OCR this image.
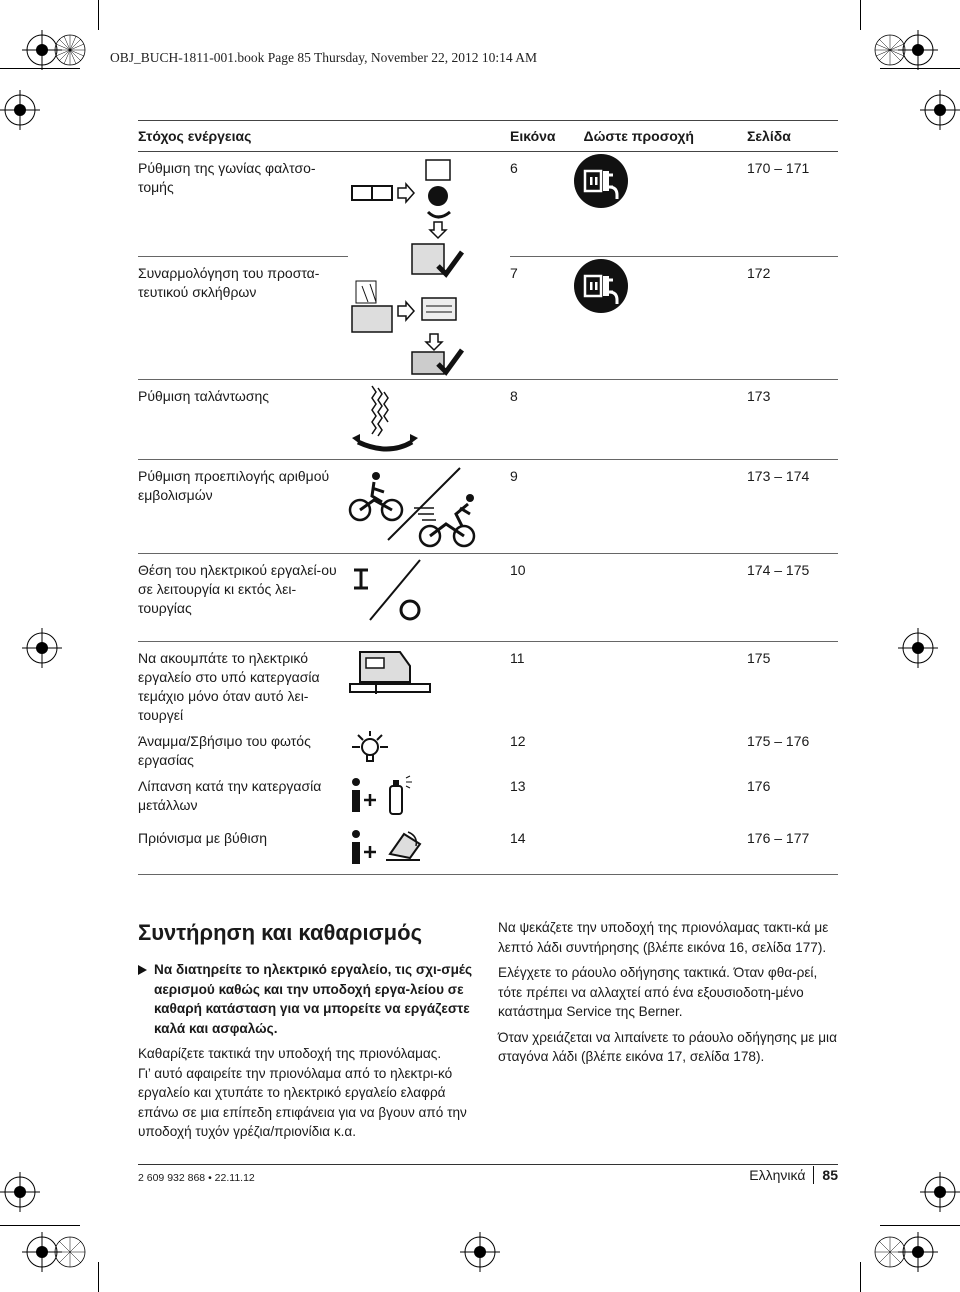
OBJ_BUCH-1811-001.book Page 85 Thursday, November 22, 2012 10:14 AM
Στόχος ενέργειας		Εικόνα Δώστε προσοχή	Σελίδα
Ρύθμιση της γωνίας φαλτσο-τομής		6	170 – 171
Συναρμολόγηση του προστα-τευτικού σκλήθρων		7	172
Ρύθμιση ταλάντωσης		8	173
Ρύθμιση προεπιλογής αριθμού εμβολισμών		9	173 – 174
Θέση του ηλεκτρικού εργαλεί-ου σε λειτουργία κι εκτός λει-τουργίας		10	174 – 175
Να ακουμπάτε το ηλεκτρικό εργαλείο στο υπό κατεργασία τεμάχιο μόνο όταν αυτό λει-τουργεί		11	175
Άναμμα/Σβήσιμο του φωτός εργασίας		12	175 – 176
Λίπανση κατά την κατεργασία μετάλλων		13	176
Πριόνισμα με βύθιση		14	176 – 177
Συντήρηση και καθαρισμός

Να διατηρείτε το ηλεκτρικό εργαλείο, τις σχι-σμές αερισμού καθώς και την υποδοχή εργα-λείου σε καθαρή κατάσταση για να μπορείτε να εργάζεστε καλά και ασφαλώς.

Καθαρίζετε τακτικά την υποδοχή της πριονόλαμας.

Γι’ αυτό αφαιρείτε την πριονόλαμα από το ηλεκτρι-κό εργαλείο και χτυπάτε το ηλεκτρικό εργαλείο ελαφρά επάνω σε μια επίπεδη επιφάνεια για να βγουν από την υποδοχή τυχόν γρέζια/πριονίδια κ.α.

Να ψεκάζετε την υποδοχή της πριονόλαμας τακτι-κά με λεπτό λάδι συντήρησης (βλέπε εικόνα 16, σελίδα 177).

Ελέγχετε το ράουλο οδήγησης τακτικά. Όταν φθα-ρεί, τότε πρέπει να αλλαχτεί από ένα εξουσιοδοτη-μένο κατάστημα Service της Berner.

Όταν χρειάζεται να λιπαίνετε το ράουλο οδήγησης με μια σταγόνα λάδι (βλέπε εικόνα 17, σελίδα 178).

2 609 932 868 • 22.11.12	Ελληνικά 85
